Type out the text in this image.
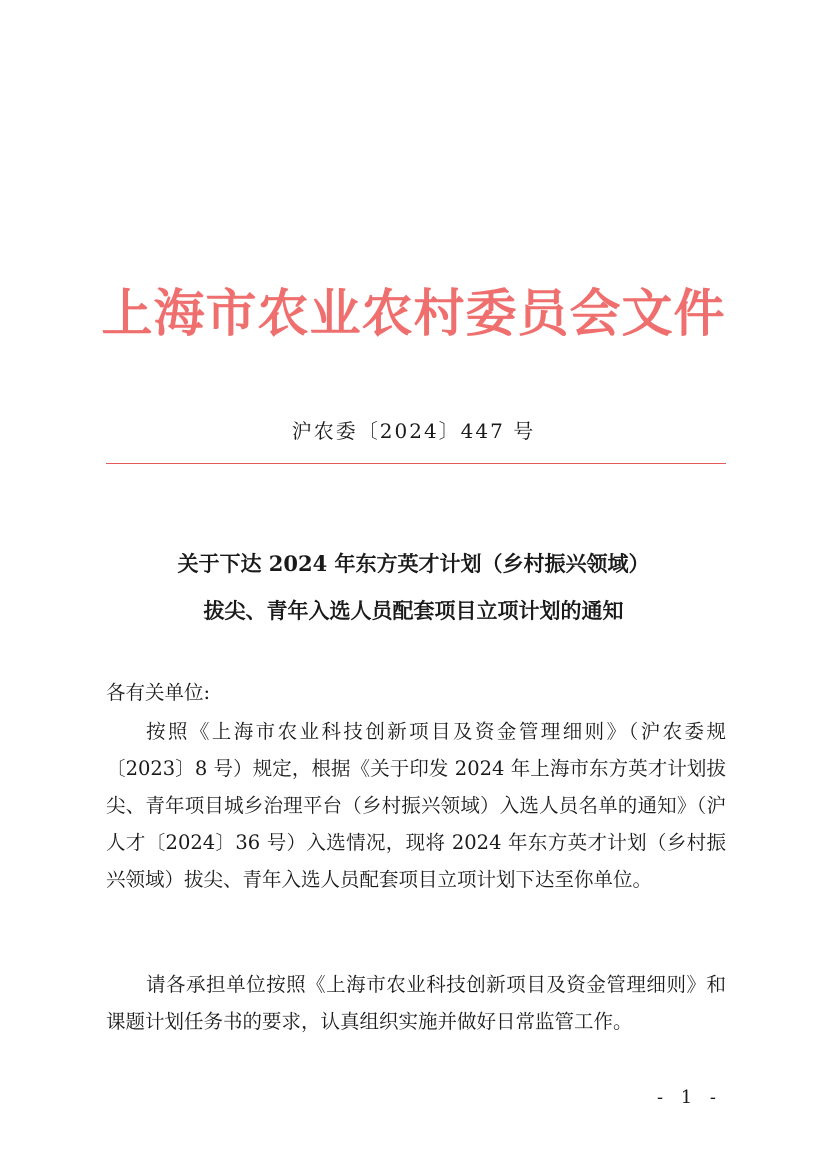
上海市农业农村委员会文件
沪农委〔2024〕447 号
关于下达 2024 年东方英才计划（乡村振兴领域）
拔尖、青年入选人员配套项目立项计划的通知
各有关单位:
按照《上海市农业科技创新项目及资金管理细则》（沪农委规〔2023〕8 号）规定，根据《关于印发 2024 年上海市东方英才计划拔尖、青年项目城乡治理平台（乡村振兴领域）入选人员名单的通知》（沪人才〔2024〕36 号）入选情况，现将 2024 年东方英才计划（乡村振兴领域）拔尖、青年入选人员配套项目立项计划下达至你单位。
请各承担单位按照《上海市农业科技创新项目及资金管理细则》和课题计划任务书的要求，认真组织实施并做好日常监管工作。
- 1 -
